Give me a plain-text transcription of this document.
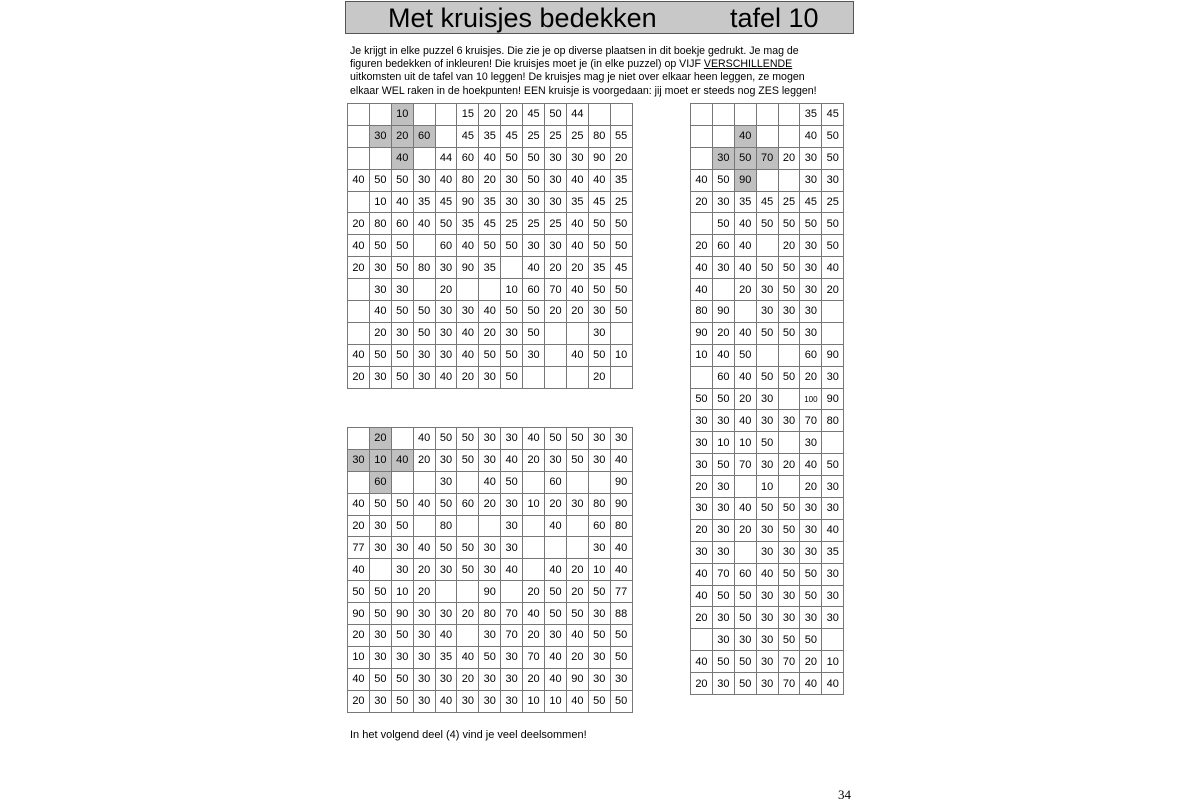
Met kruisjes bedekken	tafel 10
Je krijgt in elke puzzel 6 kruisjes. Die zie je op diverse plaatsen in dit boekje gedrukt. Je mag de
figuren bedekken of inkleuren! Die kruisjes moet je (in elke puzzel) op VIJF VERSCHILLENDE
uitkomsten uit de tafel van 10 leggen! De kruisjes mag je niet over elkaar heen leggen, ze mogen
elkaar WEL raken in de hoekpunten! EEN kruisje is voorgedaan: jij moet er steeds nog ZES leggen!
		10			15	20	20	45	50	44		
	30	20	60		45	35	45	25	25	25	80	55
		40		44	60	40	50	50	30	30	90	20
40	50	50	30	40	80	20	30	50	30	40	40	35
	10	40	35	45	90	35	30	30	30	35	45	25
20	80	60	40	50	35	45	25	25	25	40	50	50
40	50	50		60	40	50	50	30	30	40	50	50
20	30	50	80	30	90	35		40	20	20	35	45
	30	30		20			10	60	70	40	50	50
	40	50	50	30	30	40	50	50	20	20	30	50
	20	30	50	30	40	20	30	50			30	
40	50	50	30	30	40	50	50	30		40	50	10
20	30	50	30	40	20	30	50				20	
	20		40	50	50	30	30	40	50	50	30	30
30	10	40	20	30	50	30	40	20	30	50	30	40
	60			30		40	50		60			90
40	50	50	40	50	60	20	30	10	20	30	80	90
20	30	50		80			30		40		60	80
77	30	30	40	50	50	30	30				30	40
40		30	20	30	50	30	40		40	20	10	40
50	50	10	20			90		20	50	20	50	77
90	50	90	30	30	20	80	70	40	50	50	30	88
20	30	50	30	40		30	70	20	30	40	50	50
10	30	30	30	35	40	50	30	70	40	20	30	50
40	50	50	30	30	20	30	30	20	40	90	30	30
20	30	50	30	40	30	30	30	10	10	40	50	50
					35	45
		40			40	50
	30	50	70	20	30	50
40	50	90			30	30
20	30	35	45	25	45	25
	50	40	50	50	50	50
20	60	40		20	30	50
40	30	40	50	50	30	40
40		20	30	50	30	20
80	90		30	30	30	
90	20	40	50	50	30	
10	40	50			60	90
	60	40	50	50	20	30
50	50	20	30		100	90
30	30	40	30	30	70	80
30	10	10	50		30	
30	50	70	30	20	40	50
20	30		10		20	30
30	30	40	50	50	30	30
20	30	20	30	50	30	40
30	30		30	30	30	35
40	70	60	40	50	50	30
40	50	50	30	30	50	30
20	30	50	30	30	30	30
	30	30	30	50	50	
40	50	50	30	70	20	10
20	30	50	30	70	40	40
In het volgend deel (4) vind je veel deelsommen!
34
